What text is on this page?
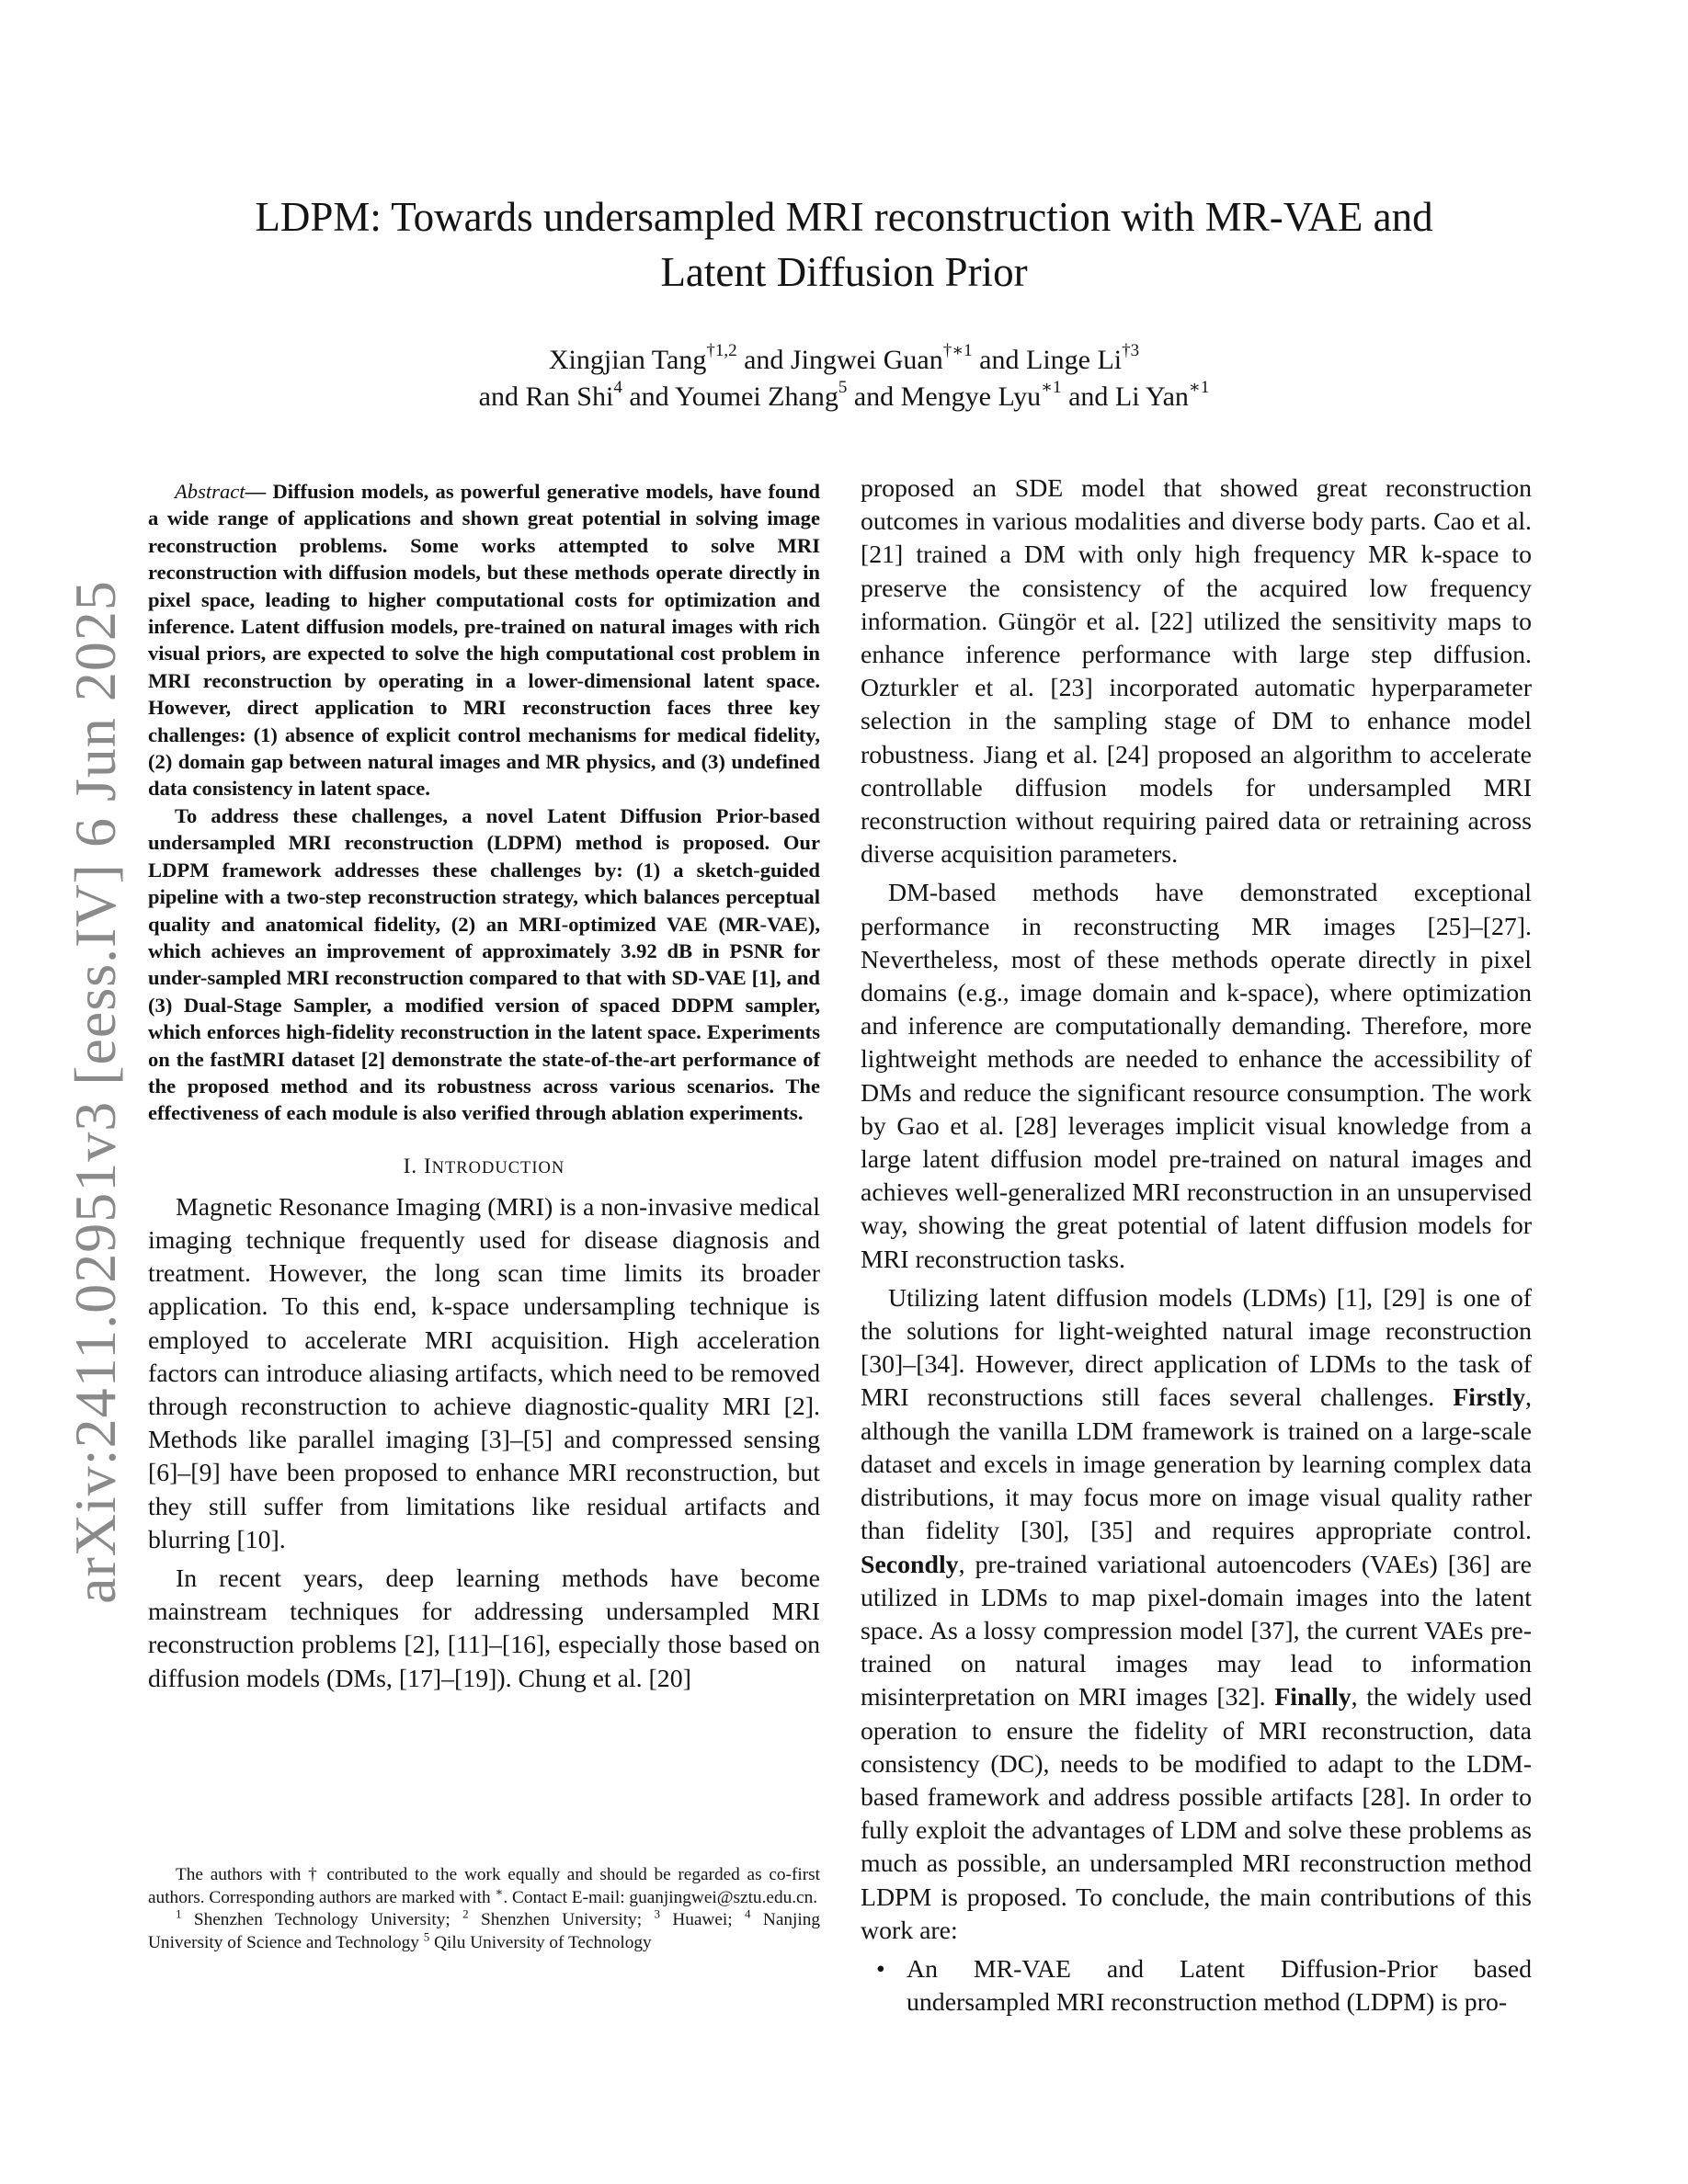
arXiv:2411.02951v3 [eess.IV] 6 Jun 2025
LDPM: Towards undersampled MRI reconstruction with MR-VAE and
Latent Diffusion Prior
Xingjian Tang$^{\dagger 1,2}$ and Jingwei Guan$^{\dagger∗1}$ and Linge Li$^{\dagger 3}$
and Ran Shi$^4$ and Youmei Zhang$^5$ and Mengye Lyu$^{∗1}$ and Li Yan$^{∗1}$

Abstract— Diffusion models, as powerful generative models, have found a wide range of applications and shown great potential in solving image reconstruction problems. Some works attempted to solve MRI reconstruction with diffusion models, but these methods operate directly in pixel space, leading to higher computational costs for optimization and inference. Latent diffusion models, pre-trained on natural images with rich visual priors, are expected to solve the high computational cost problem in MRI reconstruction by operating in a lower-dimensional latent space. However, direct application to MRI reconstruction faces three key challenges: (1) absence of explicit control mechanisms for medical fidelity, (2) domain gap between natural images and MR physics, and (3) undefined data consistency in latent space.

To address these challenges, a novel Latent Diffusion Prior-based undersampled MRI reconstruction (LDPM) method is proposed. Our LDPM framework addresses these challenges by: (1) a sketch-guided pipeline with a two-step reconstruction strategy, which balances perceptual quality and anatomical fidelity, (2) an MRI-optimized VAE (MR-VAE), which achieves an improvement of approximately 3.92 dB in PSNR for under-sampled MRI reconstruction compared to that with SD-VAE [1], and (3) Dual-Stage Sampler, a modified version of spaced DDPM sampler, which enforces high-fidelity reconstruction in the latent space. Experiments on the fastMRI dataset [2] demonstrate the state-of-the-art performance of the proposed method and its robustness across various scenarios. The effectiveness of each module is also verified through ablation experiments.

I. INTRODUCTION

Magnetic Resonance Imaging (MRI) is a non-invasive medical imaging technique frequently used for disease diagnosis and treatment. However, the long scan time limits its broader application. To this end, k-space undersampling technique is employed to accelerate MRI acquisition. High acceleration factors can introduce aliasing artifacts, which need to be removed through reconstruction to achieve diagnostic-quality MRI [2]. Methods like parallel imaging [3]–[5] and compressed sensing [6]–[9] have been proposed to enhance MRI reconstruction, but they still suffer from limitations like residual artifacts and blurring [10].

In recent years, deep learning methods have become mainstream techniques for addressing undersampled MRI reconstruction problems [2], [11]–[16], especially those based on diffusion models (DMs, [17]–[19]). Chung et al. [20]

The authors with † contributed to the work equally and should be regarded as co-first authors. Corresponding authors are marked with ∗. Contact E-mail: guanjingwei@sztu.edu.cn.

$^1$ Shenzhen Technology University; $^2$ Shenzhen University; $^3$ Huawei; $^4$ Nanjing University of Science and Technology $^5$ Qilu University of Technology

proposed an SDE model that showed great reconstruction outcomes in various modalities and diverse body parts. Cao et al. [21] trained a DM with only high frequency MR k-space to preserve the consistency of the acquired low frequency information. Güngör et al. [22] utilized the sensitivity maps to enhance inference performance with large step diffusion. Ozturkler et al. [23] incorporated automatic hyperparameter selection in the sampling stage of DM to enhance model robustness. Jiang et al. [24] proposed an algorithm to accelerate controllable diffusion models for undersampled MRI reconstruction without requiring paired data or retraining across diverse acquisition parameters.

DM-based methods have demonstrated exceptional performance in reconstructing MR images [25]–[27]. Nevertheless, most of these methods operate directly in pixel domains (e.g., image domain and k-space), where optimization and inference are computationally demanding. Therefore, more lightweight methods are needed to enhance the accessibility of DMs and reduce the significant resource consumption. The work by Gao et al. [28] leverages implicit visual knowledge from a large latent diffusion model pre-trained on natural images and achieves well-generalized MRI reconstruction in an unsupervised way, showing the great potential of latent diffusion models for MRI reconstruction tasks.

Utilizing latent diffusion models (LDMs) [1], [29] is one of the solutions for light-weighted natural image reconstruction [30]–[34]. However, direct application of LDMs to the task of MRI reconstructions still faces several challenges. Firstly, although the vanilla LDM framework is trained on a large-scale dataset and excels in image generation by learning complex data distributions, it may focus more on image visual quality rather than fidelity [30], [35] and requires appropriate control. Secondly, pre-trained variational autoencoders (VAEs) [36] are utilized in LDMs to map pixel-domain images into the latent space. As a lossy compression model [37], the current VAEs pre-trained on natural images may lead to information misinterpretation on MRI images [32]. Finally, the widely used operation to ensure the fidelity of MRI reconstruction, data consistency (DC), needs to be modified to adapt to the LDM-based framework and address possible artifacts [28]. In order to fully exploit the advantages of LDM and solve these problems as much as possible, an undersampled MRI reconstruction method LDPM is proposed. To conclude, the main contributions of this work are:

• An MR-VAE and Latent Diffusion-Prior based undersampled MRI reconstruction method (LDPM) is pro-
